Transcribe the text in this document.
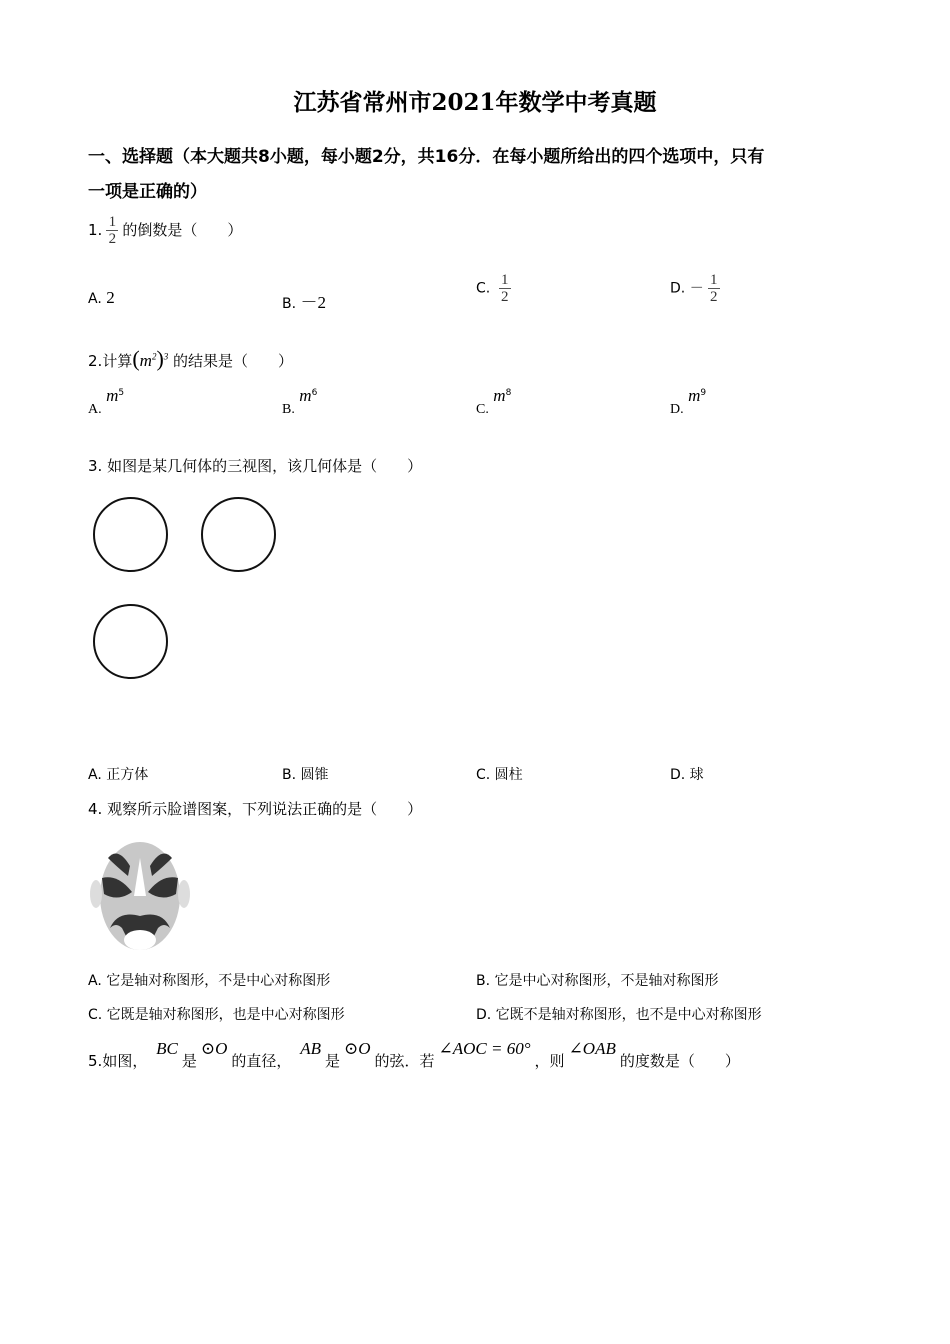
江苏省常州市2021年数学中考真题
一、选择题（本大题共8小题，每小题2分，共16分．在每小题所给出的四个选项中，只有
一项是正确的）
1. $\frac{1}{2}$ 的倒数是（　　）
A. 2	B. －2
C. $\frac{1}{2}$	D. － $\frac{1}{2}$
2.计算$(m^2)^3$ 的结果是（　　）
A. $m^5$
B. $m^6$
C. $m^8$
D. $m^9$
3. 如图是某几何体的三视图，该几何体是（　　）
A. 正方体	B. 圆锥	C. 圆柱	D. 球
4. 观察所示脸谱图案，下列说法正确的是（　　）
A. 它是轴对称图形，不是中心对称图形	B. 它是中心对称图形，不是轴对称图形
C. 它既是轴对称图形，也是中心对称图形	D. 它既不是轴对称图形，也不是中心对称图形
5.如图， BC是⊙O的直径， AB是⊙O的弦．若∠AOC = 60°，则∠OAB的度数是（　　）
